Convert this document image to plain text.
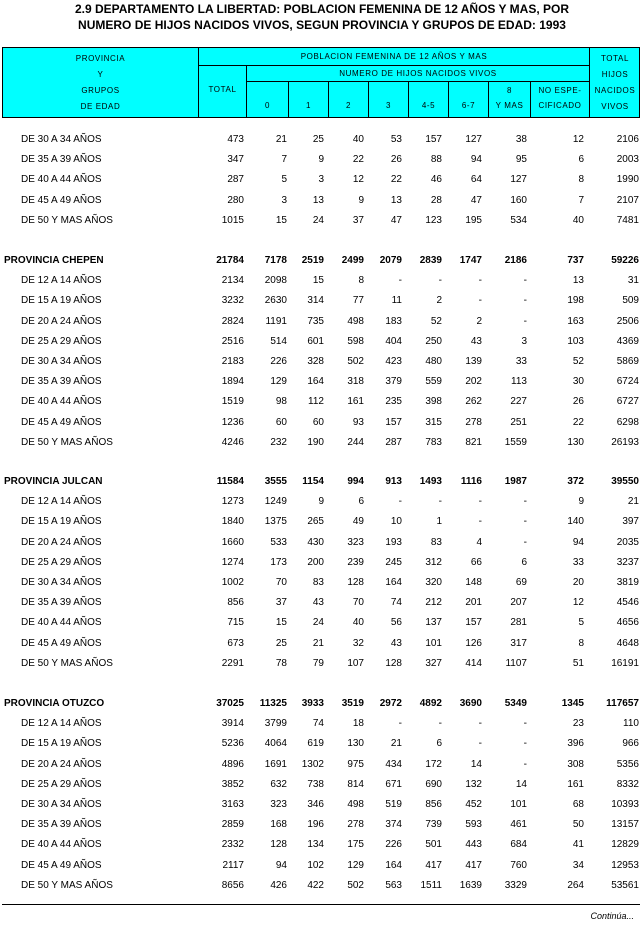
2.9 DEPARTAMENTO LA LIBERTAD: POBLACION FEMENINA DE 12 AÑOS Y MAS, POR
NUMERO DE HIJOS NACIDOS VIVOS, SEGUN PROVINCIA Y GRUPOS DE EDAD: 1993
PROVINCIA
Y
GRUPOS
DE EDAD
POBLACION FEMENINA DE 12 AÑOS Y MAS
NUMERO DE HIJOS NACIDOS VIVOS
TOTAL
0	1	2	3	4-5	6-7
8
Y MAS
NO ESPE-
CIFICADO
TOTAL
HIJOS
NACIDOS
VIVOS
DE 30 A 34 AÑOS	473	21	25	40	53 157 127	38	12	2106
DE 35 A 39 AÑOS	347	7	9	22	26	88	94	95	6	2003
DE 40 A 44 AÑOS	287	5	3	12	22	46	64	127	8	1990
DE 45 A 49 AÑOS	280	3	13	9	13	28	47	160	7	2107
DE 50 Y MAS AÑOS	1015	15	24	37	47 123 195	534	40	7481
PROVINCIA CHEPEN	21784 7178 2519 2499 2079 2839 1747 2186	737	59226
DE 12 A 14 AÑOS	2134 2098	15	8	-	-	-	-	13	31
DE 15 A 19 AÑOS	3232 2630 314	77	11	2	-	-	198	509
DE 20 A 24 AÑOS	2824 1191 735 498 183	52	2	-	163	2506
DE 25 A 29 AÑOS	2516	514 601 598 404 250	43	3	103	4369
DE 30 A 34 AÑOS	2183	226 328 502 423 480 139	33	52	5869
DE 35 A 39 AÑOS	1894	129 164 318 379 559 202	113	30	6724
DE 40 A 44 AÑOS	1519	98 112 161 235 398 262	227	26	6727
DE 45 A 49 AÑOS	1236	60	60	93 157 315 278	251	22	6298
DE 50 Y MAS AÑOS	4246	232 190 244 287 783 821 1559	130	26193
PROVINCIA JULCAN	11584 3555 1154 994 913 1493 1116 1987	372	39550
DE 12 A 14 AÑOS	1273 1249	9	6	-	-	-	-	9	21
DE 15 A 19 AÑOS	1840 1375 265	49	10	1	-	-	140	397
DE 20 A 24 AÑOS	1660	533 430 323 193	83	4	-	94	2035
DE 25 A 29 AÑOS	1274	173 200 239 245 312	66	6	33	3237
DE 30 A 34 AÑOS	1002	70	83 128 164 320 148	69	20	3819
DE 35 A 39 AÑOS	856	37	43	70	74 212 201	207	12	4546
DE 40 A 44 AÑOS	715	15	24	40	56 137 157	281	5	4656
DE 45 A 49 AÑOS	673	25	21	32	43 101 126	317	8	4648
DE 50 Y MAS AÑOS	2291	78	79 107 128 327 414 1107	51	16191
PROVINCIA OTUZCO	37025 11325 3933 3519 2972 4892 3690 5349	1345 117657
DE 12 A 14 AÑOS	3914 3799	74	18	-	-	-	-	23	110
DE 15 A 19 AÑOS	5236 4064 619 130	21	6	-	-	396	966
DE 20 A 24 AÑOS	4896 1691 1302 975 434 172	14	-	308	5356
DE 25 A 29 AÑOS	3852	632 738 814 671 690 132	14	161	8332
DE 30 A 34 AÑOS	3163	323 346 498 519 856 452	101	68	10393
DE 35 A 39 AÑOS	2859	168 196 278 374 739 593	461	50	13157
DE 40 A 44 AÑOS	2332	128 134 175 226 501 443	684	41	12829
DE 45 A 49 AÑOS	2117	94 102 129 164 417 417	760	34	12953
DE 50 Y MAS AÑOS	8656	426 422 502 563 1511 1639 3329	264	53561
Continúa...
